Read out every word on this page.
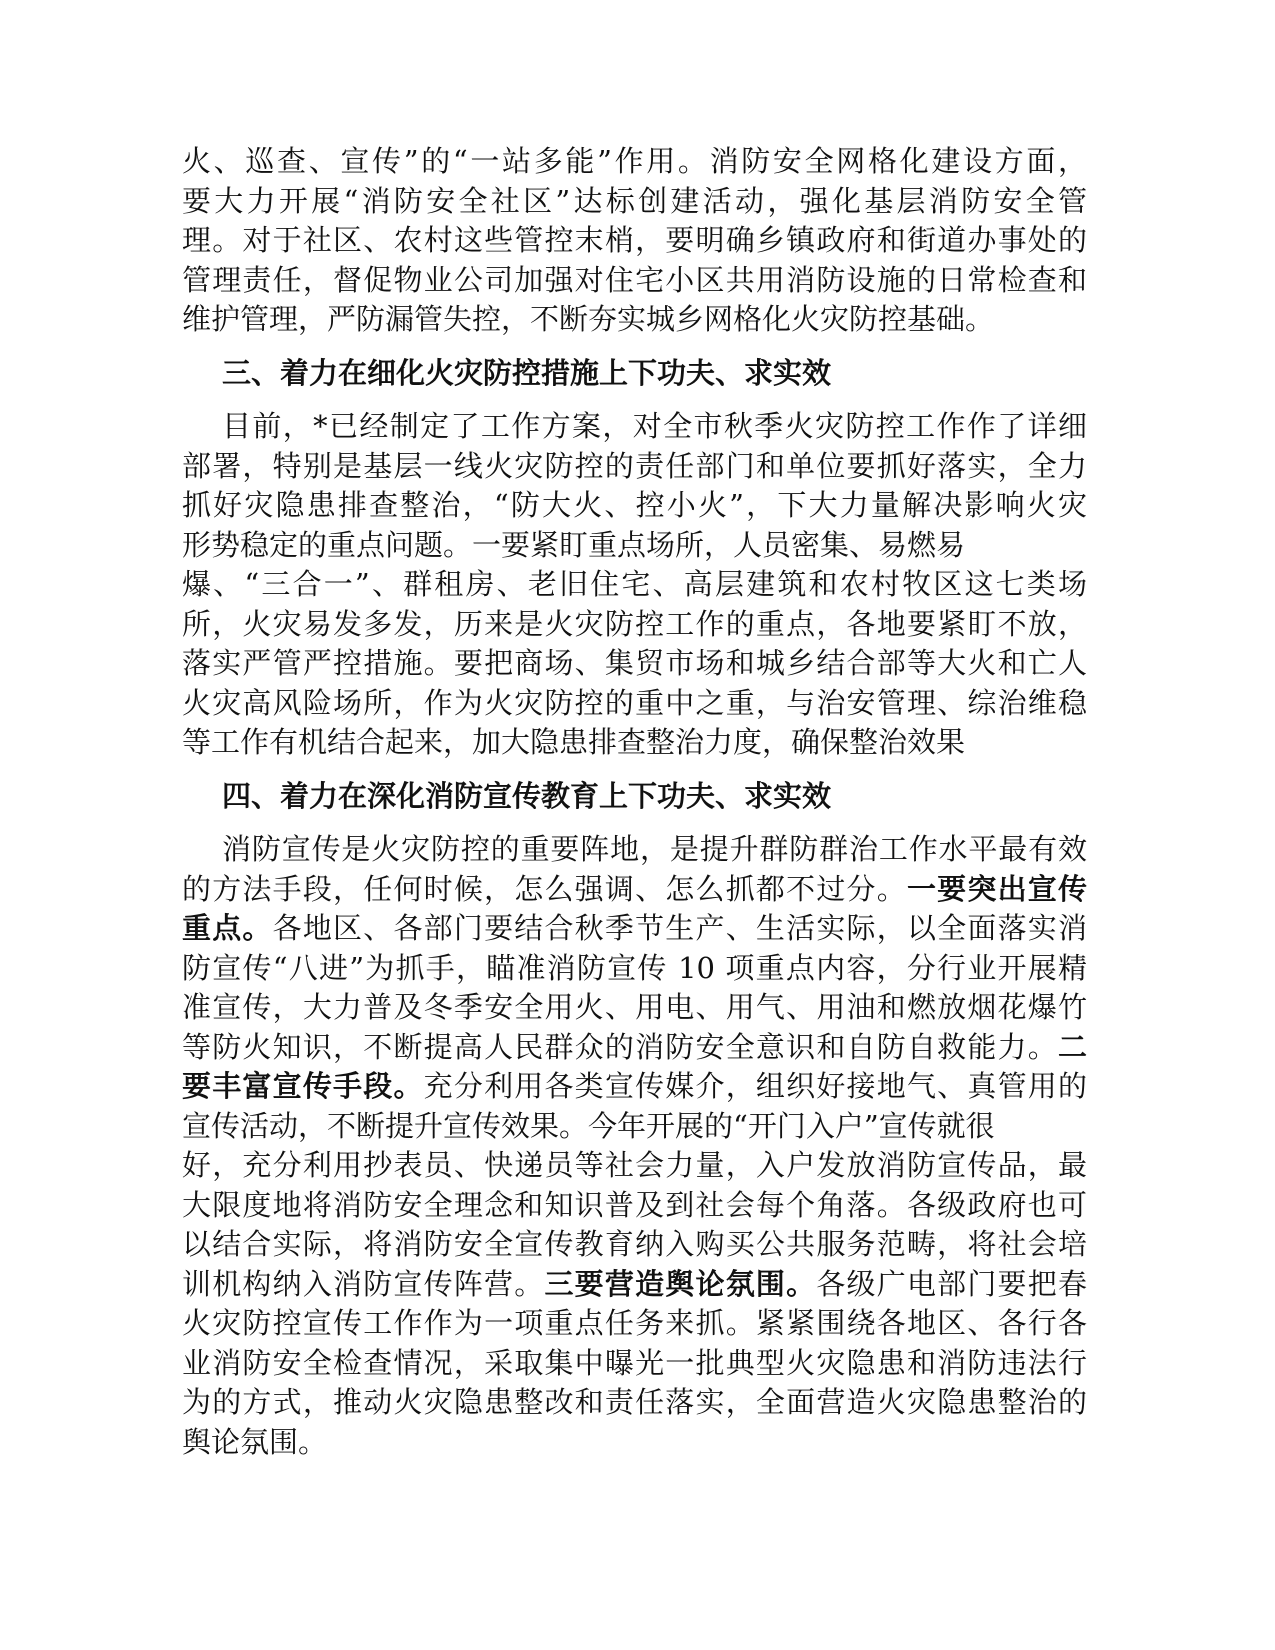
火、巡查、宣传”的“一站多能”作用。消防安全网格化建设方面，
要大力开展“消防安全社区”达标创建活动，强化基层消防安全管
理。对于社区、农村这些管控末梢，要明确乡镇政府和街道办事处的
管理责任，督促物业公司加强对住宅小区共用消防设施的日常检查和
维护管理，严防漏管失控，不断夯实城乡网格化火灾防控基础。
三、着力在细化火灾防控措施上下功夫、求实效
目前，*已经制定了工作方案，对全市秋季火灾防控工作作了详细
部署，特别是基层一线火灾防控的责任部门和单位要抓好落实，全力
抓好灾隐患排查整治，“防大火、控小火”，下大力量解决影响火灾
形势稳定的重点问题。一要紧盯重点场所，人员密集、易燃易
爆、“三合一”、群租房、老旧住宅、高层建筑和农村牧区这七类场
所，火灾易发多发，历来是火灾防控工作的重点，各地要紧盯不放，
落实严管严控措施。要把商场、集贸市场和城乡结合部等大火和亡人
火灾高风险场所，作为火灾防控的重中之重，与治安管理、综治维稳
等工作有机结合起来，加大隐患排查整治力度，确保整治效果
四、着力在深化消防宣传教育上下功夫、求实效
消防宣传是火灾防控的重要阵地，是提升群防群治工作水平最有效
的方法手段，任何时候，怎么强调、怎么抓都不过分。一要突出宣传
重点。各地区、各部门要结合秋季节生产、生活实际，以全面落实消
防宣传“八进”为抓手，瞄准消防宣传 10 项重点内容，分行业开展精
准宣传，大力普及冬季安全用火、用电、用气、用油和燃放烟花爆竹
等防火知识，不断提高人民群众的消防安全意识和自防自救能力。二
要丰富宣传手段。充分利用各类宣传媒介，组织好接地气、真管用的
宣传活动，不断提升宣传效果。今年开展的“开门入户”宣传就很
好，充分利用抄表员、快递员等社会力量，入户发放消防宣传品，最
大限度地将消防安全理念和知识普及到社会每个角落。各级政府也可
以结合实际，将消防安全宣传教育纳入购买公共服务范畴，将社会培
训机构纳入消防宣传阵营。三要营造舆论氛围。各级广电部门要把春
火灾防控宣传工作作为一项重点任务来抓。紧紧围绕各地区、各行各
业消防安全检查情况，采取集中曝光一批典型火灾隐患和消防违法行
为的方式，推动火灾隐患整改和责任落实，全面营造火灾隐患整治的
舆论氛围。
